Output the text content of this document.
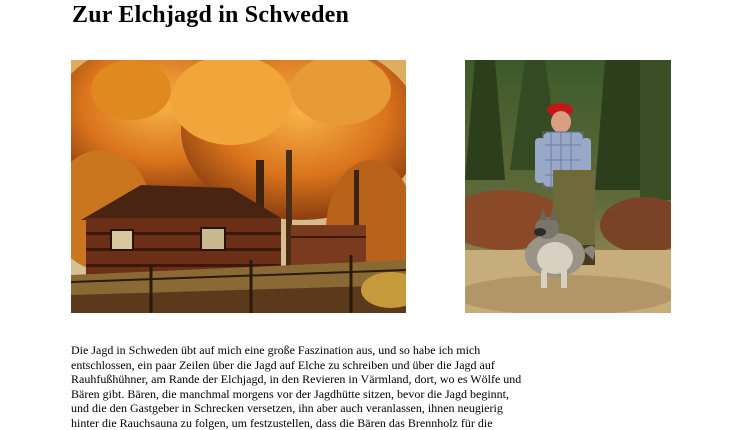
Zur Elchjagd in Schweden
Die Jagd in Schweden übt auf mich eine große Faszination aus, und so habe ich mich
entschlossen, ein paar Zeilen über die Jagd auf Elche zu schreiben und über die Jagd auf
Rauhfußhühner, am Rande der Elchjagd, in den Revieren in Värmland, dort, wo es Wölfe und
Bären gibt. Bären, die manchmal morgens vor der Jagdhütte sitzen, bevor die Jagd beginnt,
und die den Gastgeber in Schrecken versetzen, ihn aber auch veranlassen, ihnen neugierig
hinter die Rauchsauna zu folgen, um festzustellen, dass die Bären das Brennholz für die
